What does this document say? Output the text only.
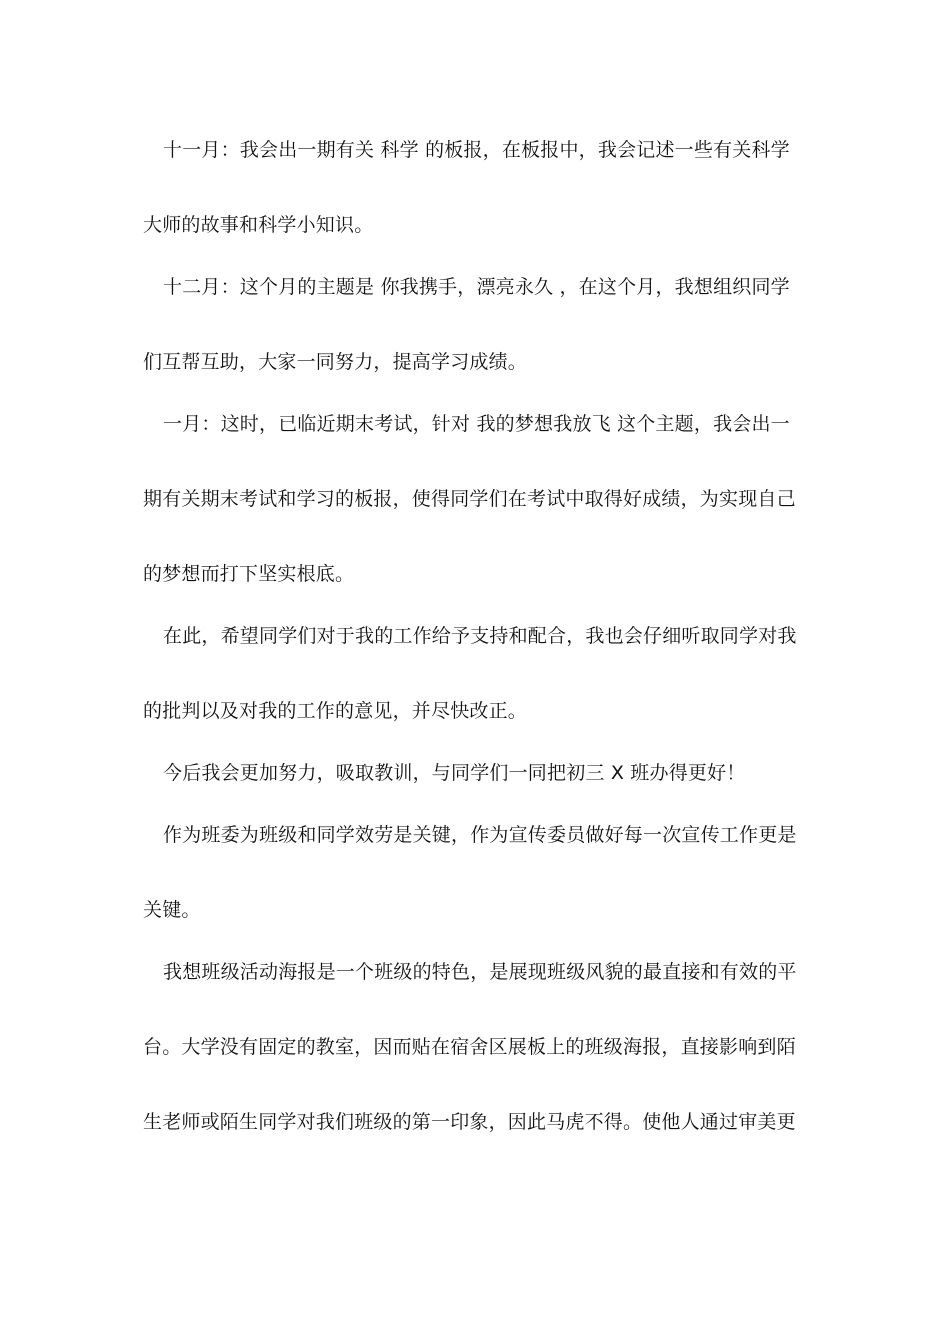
十一月：我会出一期有关 科学 的板报，在板报中，我会记述一些有关科学
大师的故事和科学小知识。
十二月：这个月的主题是 你我携手，漂亮永久 ，在这个月，我想组织同学
们互帮互助，大家一同努力，提高学习成绩。
一月：这时，已临近期末考试，针对 我的梦想我放飞 这个主题，我会出一
期有关期末考试和学习的板报，使得同学们在考试中取得好成绩，为实现自己
的梦想而打下坚实根底。
在此，希望同学们对于我的工作给予支持和配合，我也会仔细听取同学对我
的批判以及对我的工作的意见，并尽快改正。
今后我会更加努力，吸取教训，与同学们一同把初三 X 班办得更好！
作为班委为班级和同学效劳是关键，作为宣传委员做好每一次宣传工作更是
关键。
我想班级活动海报是一个班级的特色，是展现班级风貌的最直接和有效的平
台。大学没有固定的教室，因而贴在宿舍区展板上的班级海报，直接影响到陌
生老师或陌生同学对我们班级的第一印象，因此马虎不得。使他人通过审美更
